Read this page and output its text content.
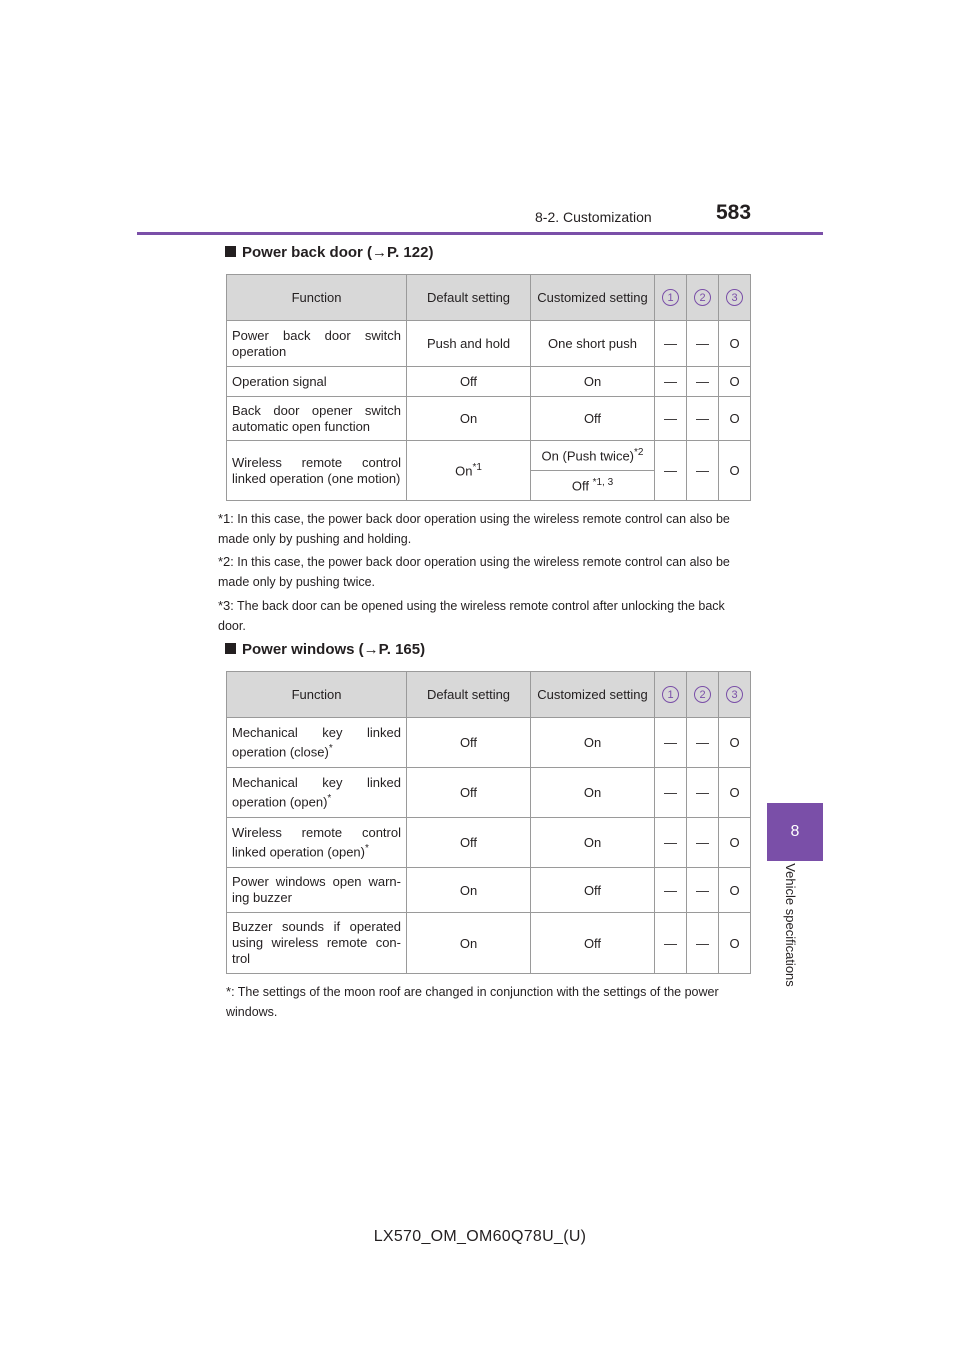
8-2. Customization	583
8
Vehicle specifications
Power back door (→P. 122)
Function	Default setting	Customized setting	1	2	3
Power back door switch operation	Push and hold	One short push	—	—	O
Operation signal	Off	On	—	—	O
Back door opener switch automatic open function	On	Off	—	—	O
Wireless remote control linked operation (one motion)	On$^{*1}$	On (Push twice)$^{*2}$	—	—	O
		Off $^{*1, 3}$
*1: In this case, the power back door operation using the wireless remote control can also be made only by pushing and holding.
*2: In this case, the power back door operation using the wireless remote control can also be made only by pushing twice.
*3: The back door can be opened using the wireless remote control after unlocking the back door.
Power windows (→P. 165)
Function	Default setting	Customized setting	1	2	3
Mechanical key linked operation (close)*	Off	On	—	—	O
Mechanical key linked operation (open)*	Off	On	—	—	O
Wireless remote control linked operation (open)*	Off	On	—	—	O
Power windows open warn-ing buzzer	On	Off	—	—	O
Buzzer sounds if operated using wireless remote con-trol	On	Off	—	—	O
*: The settings of the moon roof are changed in conjunction with the settings of the power windows.
LX570_OM_OM60Q78U_(U)
